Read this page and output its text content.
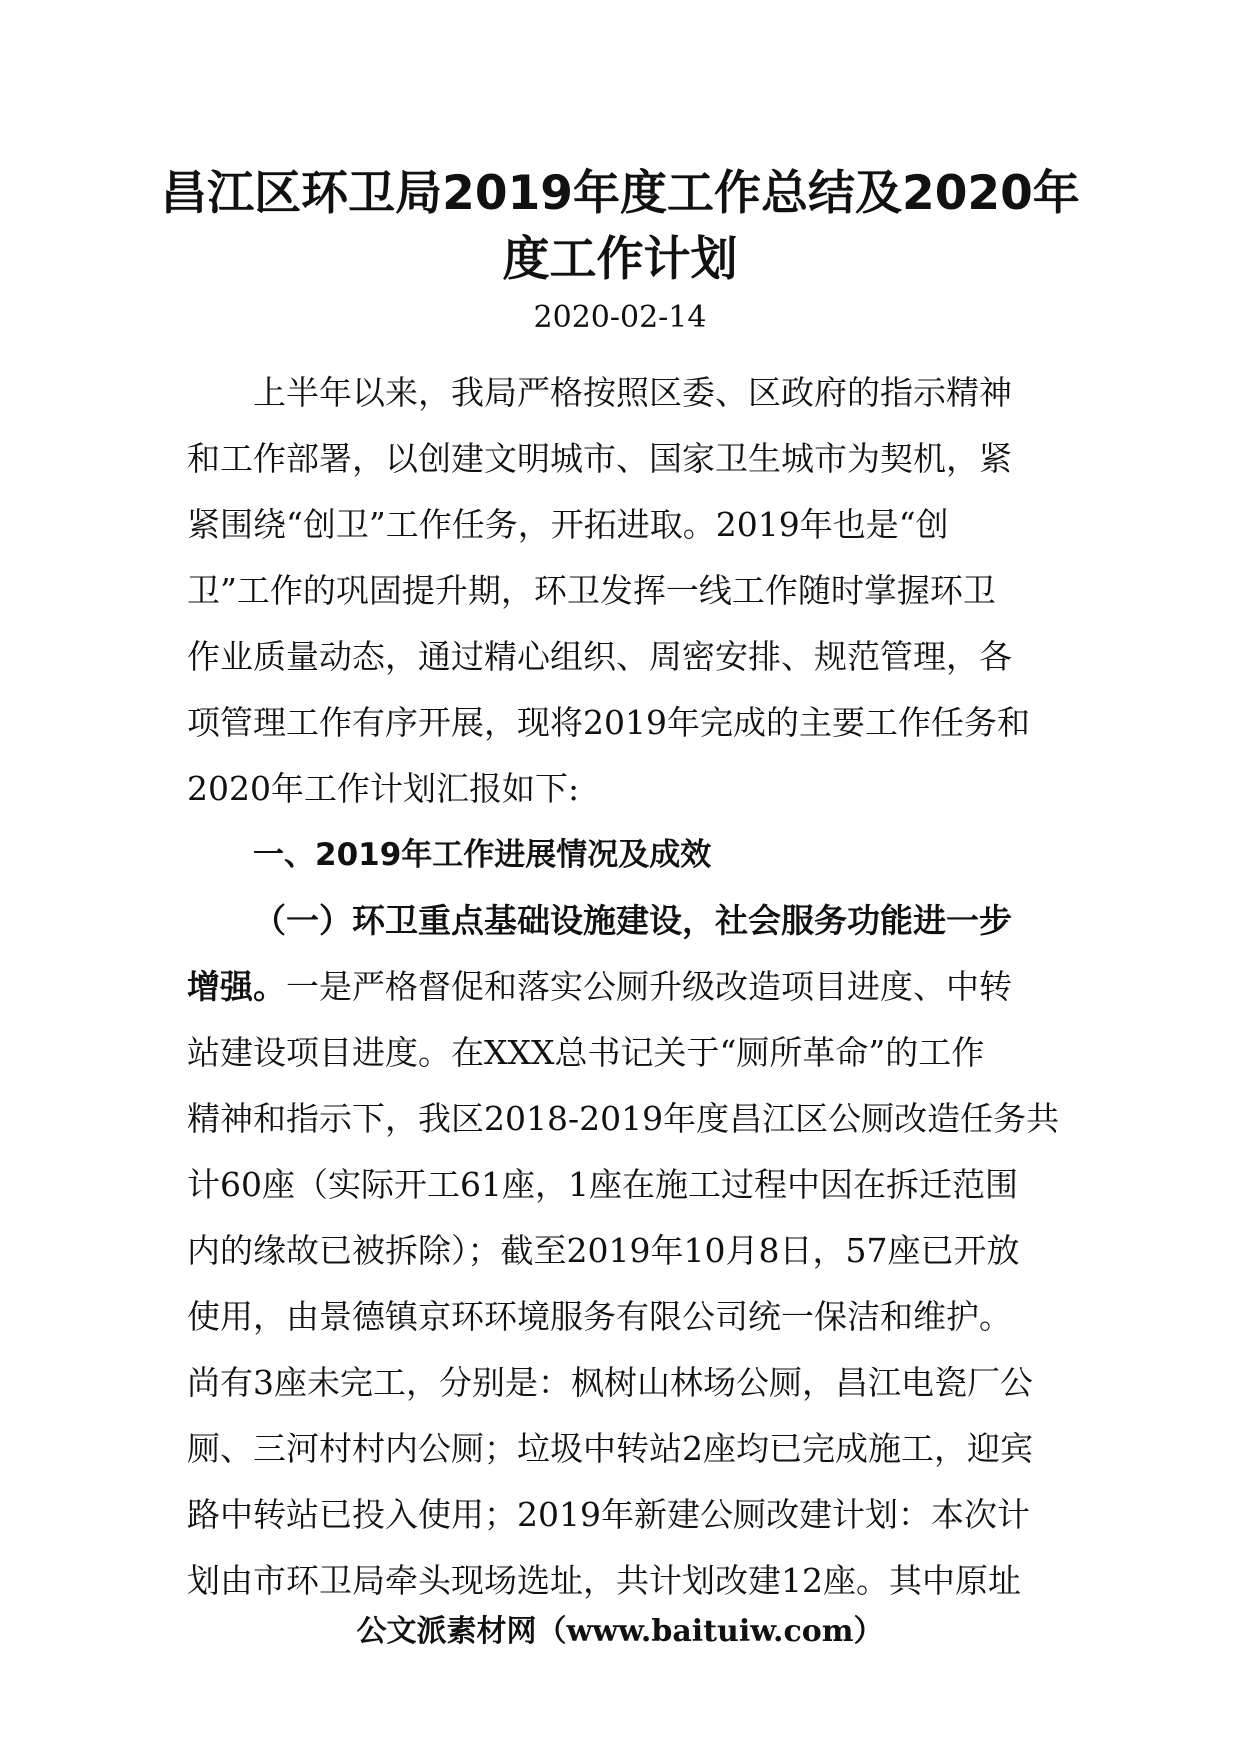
昌江区环卫局2019年度工作总结及2020年
度工作计划
2020-02-14
上半年以来，我局严格按照区委、区政府的指示精神
和工作部署，以创建文明城市、国家卫生城市为契机，紧
紧围绕“创卫”工作任务，开拓进取。2019年也是“创
卫”工作的巩固提升期，环卫发挥一线工作随时掌握环卫
作业质量动态，通过精心组织、周密安排、规范管理，各
项管理工作有序开展，现将2019年完成的主要工作任务和
2020年工作计划汇报如下:
一、2019年工作进展情况及成效
（一）环卫重点基础设施建设，社会服务功能进一步
增强。一是严格督促和落实公厕升级改造项目进度、中转
站建设项目进度。在XXX总书记关于“厕所革命”的工作
精神和指示下，我区2018-2019年度昌江区公厕改造任务共
计60座（实际开工61座，1座在施工过程中因在拆迁范围
内的缘故已被拆除）；截至2019年10月8日，57座已开放
使用，由景德镇京环环境服务有限公司统一保洁和维护。
尚有3座未完工，分别是：枫树山林场公厕，昌江电瓷厂公
厕、三河村村内公厕；垃圾中转站2座均已完成施工，迎宾
路中转站已投入使用；2019年新建公厕改建计划：本次计
划由市环卫局牵头现场选址，共计划改建12座。其中原址
公文派素材网（www.baituiw.com）
